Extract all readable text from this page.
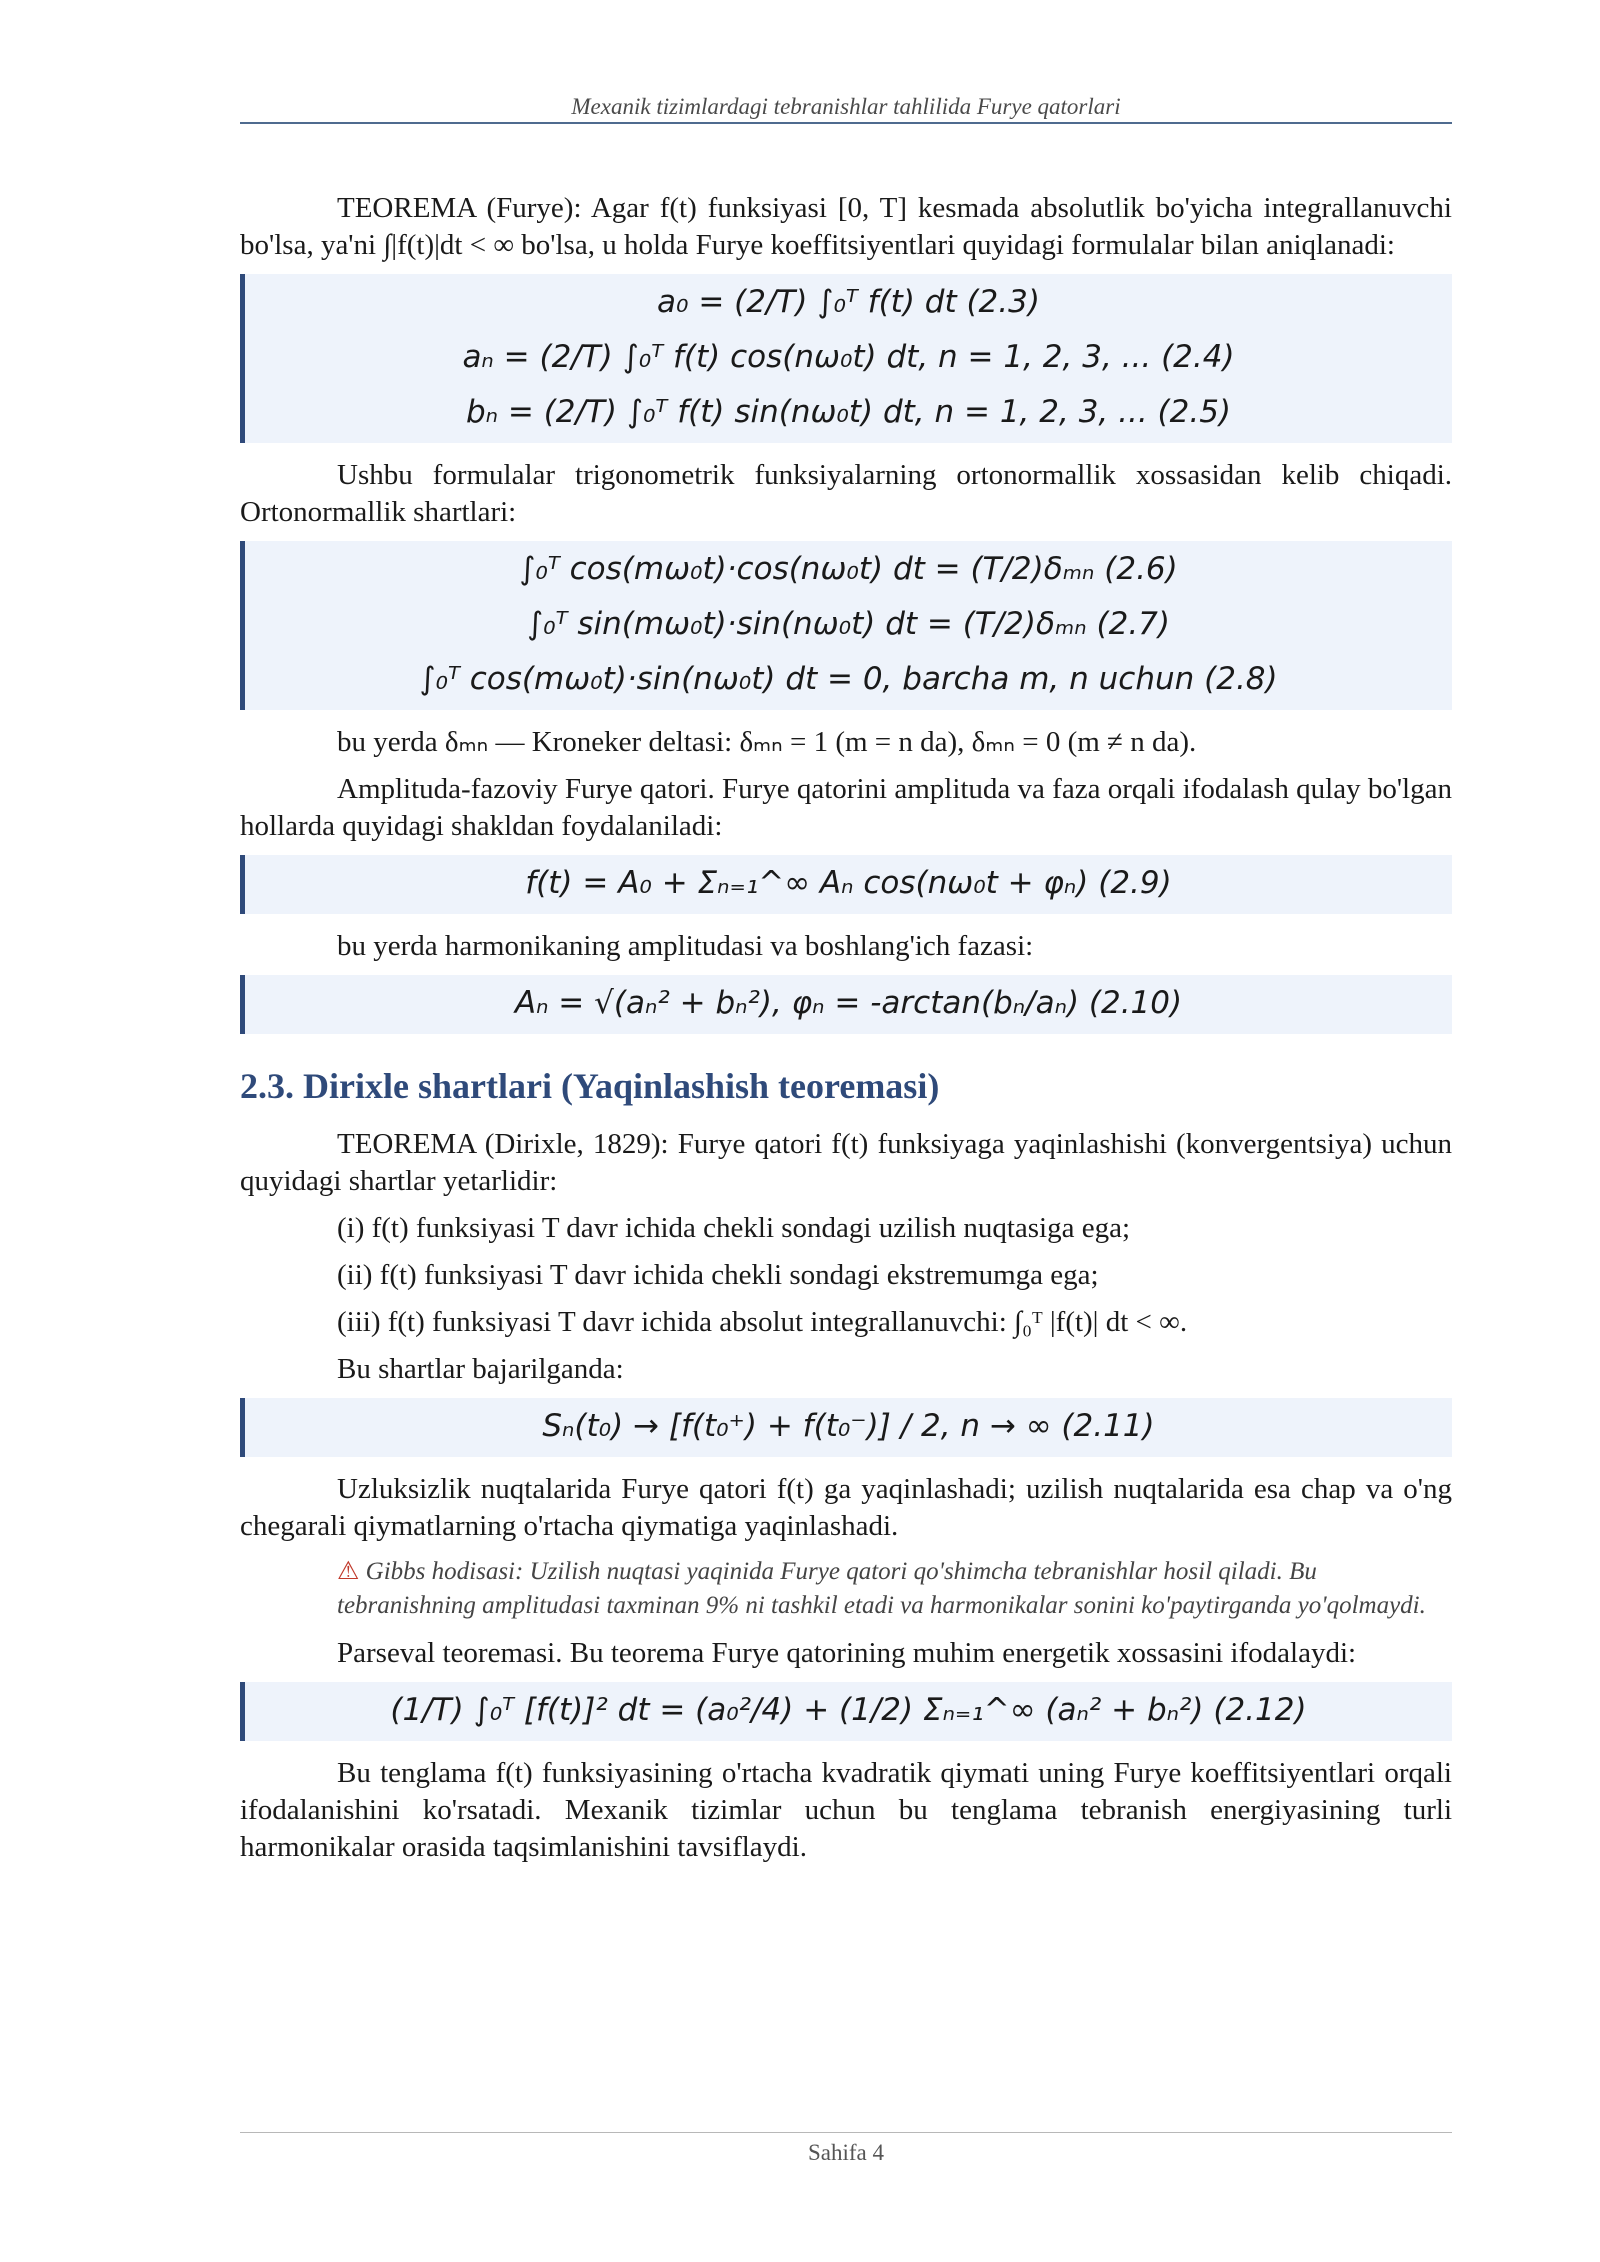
Mexanik tizimlardagi tebranishlar tahlilida Furye qatorlari

TEOREMA (Furye): Agar f(t) funksiyasi [0, T] kesmada absolutlik bo'yicha integrallanuvchi bo'lsa, ya'ni ∫|f(t)|dt < ∞ bo'lsa, u holda Furye koeffitsiyentlari quyidagi formulalar bilan aniqlanadi:

a₀ = (2/T) ∫₀ᵀ f(t) dt (2.3)
aₙ = (2/T) ∫₀ᵀ f(t) cos(nω₀t) dt, n = 1, 2, 3, ... (2.4)
bₙ = (2/T) ∫₀ᵀ f(t) sin(nω₀t) dt, n = 1, 2, 3, ... (2.5)

Ushbu formulalar trigonometrik funksiyalarning ortonormallik xossasidan kelib chiqadi. Ortonormallik shartlari:

∫₀ᵀ cos(mω₀t)·cos(nω₀t) dt = (T/2)δₘₙ (2.6)
∫₀ᵀ sin(mω₀t)·sin(nω₀t) dt = (T/2)δₘₙ (2.7)
∫₀ᵀ cos(mω₀t)·sin(nω₀t) dt = 0, barcha m, n uchun (2.8)

bu yerda δₘₙ — Kroneker deltasi: δₘₙ = 1 (m = n da), δₘₙ = 0 (m ≠ n da).

Amplituda-fazoviy Furye qatori. Furye qatorini amplituda va faza orqali ifodalash qulay bo'lgan hollarda quyidagi shakldan foydalaniladi:

f(t) = A₀ + Σₙ₌₁^∞ Aₙ cos(nω₀t + φₙ) (2.9)

bu yerda harmonikaning amplitudasi va boshlang'ich fazasi:

Aₙ = √(aₙ² + bₙ²), φₙ = -arctan(bₙ/aₙ) (2.10)
2.3. Dirixle shartlari (Yaqinlashish teoremasi)

TEOREMA (Dirixle, 1829): Furye qatori f(t) funksiyaga yaqinlashishi (konvergentsiya) uchun quyidagi shartlar yetarlidir:

(i) f(t) funksiyasi T davr ichida chekli sondagi uzilish nuqtasiga ega;

(ii) f(t) funksiyasi T davr ichida chekli sondagi ekstremumga ega;

(iii) f(t) funksiyasi T davr ichida absolut integrallanuvchi: ∫₀ᵀ |f(t)| dt < ∞.

Bu shartlar bajarilganda:

Sₙ(t₀) → [f(t₀⁺) + f(t₀⁻)] / 2, n → ∞ (2.11)

Uzluksizlik nuqtalarida Furye qatori f(t) ga yaqinlashadi; uzilish nuqtalarida esa chap va o'ng chegarali qiymatlarning o'rtacha qiymatiga yaqinlashadi.

⚠ Gibbs hodisasi: Uzilish nuqtasi yaqinida Furye qatori qo'shimcha tebranishlar hosil qiladi. Bu tebranishning amplitudasi taxminan 9% ni tashkil etadi va harmonikalar sonini ko'paytirganda yo'qolmaydi.

Parseval teoremasi. Bu teorema Furye qatorining muhim energetik xossasini ifodalaydi:

(1/T) ∫₀ᵀ [f(t)]² dt = (a₀²/4) + (1/2) Σₙ₌₁^∞ (aₙ² + bₙ²) (2.12)

Bu tenglama f(t) funksiyasining o'rtacha kvadratik qiymati uning Furye koeffitsiyentlari orqali ifodalanishini ko'rsatadi. Mexanik tizimlar uchun bu tenglama tebranish energiyasining turli harmonikalar orasida taqsimlanishini tavsiflaydi.

Sahifa 4
